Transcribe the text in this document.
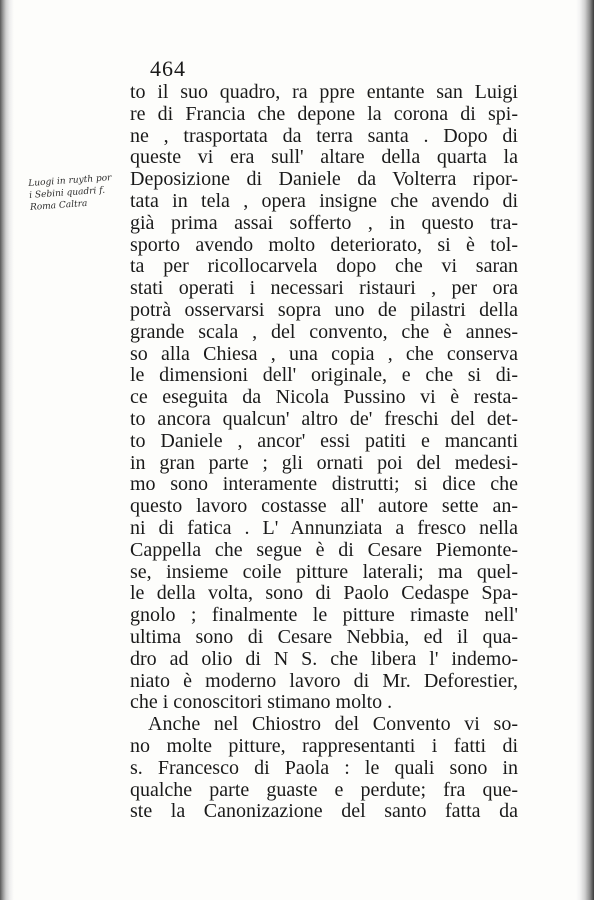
464
Luogi in ruyth por
i Sebini quadri f.
Roma Caltra
to il suo quadro, ra ppre entante san Luigi
re di Francia che depone la corona di spi-
ne , trasportata da terra santa . Dopo di
queste vi era sull' altare della quarta la
Deposizione di Daniele da Volterra ripor-
tata in tela , opera insigne che avendo di
già prima assai sofferto , in questo tra-
sporto avendo molto deteriorato, si è tol-
ta per ricollocarvela dopo che vi saran
stati operati i necessari ristauri , per ora
potrà osservarsi sopra uno de pilastri della
grande scala , del convento, che è annes-
so alla Chiesa , una copia , che conserva
le dimensioni dell' originale, e che si di-
ce eseguita da Nicola Pussino vi è resta-
to ancora qualcun' altro de' freschi del det-
to Daniele , ancor' essi patiti e mancanti
in gran parte ; gli ornati poi del medesi-
mo sono interamente distrutti; si dice che
questo lavoro costasse all' autore sette an-
ni di fatica . L' Annunziata a fresco nella
Cappella che segue è di Cesare Piemonte-
se, insieme coile pitture laterali; ma quel-
le della volta, sono di Paolo Cedaspe Spa-
gnolo ; finalmente le pitture rimaste nell'
ultima sono di Cesare Nebbia, ed il qua-
dro ad olio di N S. che libera l' indemo-
niato è moderno lavoro di Mr. Deforestier,
che i conoscitori stimano molto .
Anche nel Chiostro del Convento vi so-
no molte pitture, rappresentanti i fatti di
s. Francesco di Paola : le quali sono in
qualche parte guaste e perdute; fra que-
ste la Canonizazione del santo fatta da
